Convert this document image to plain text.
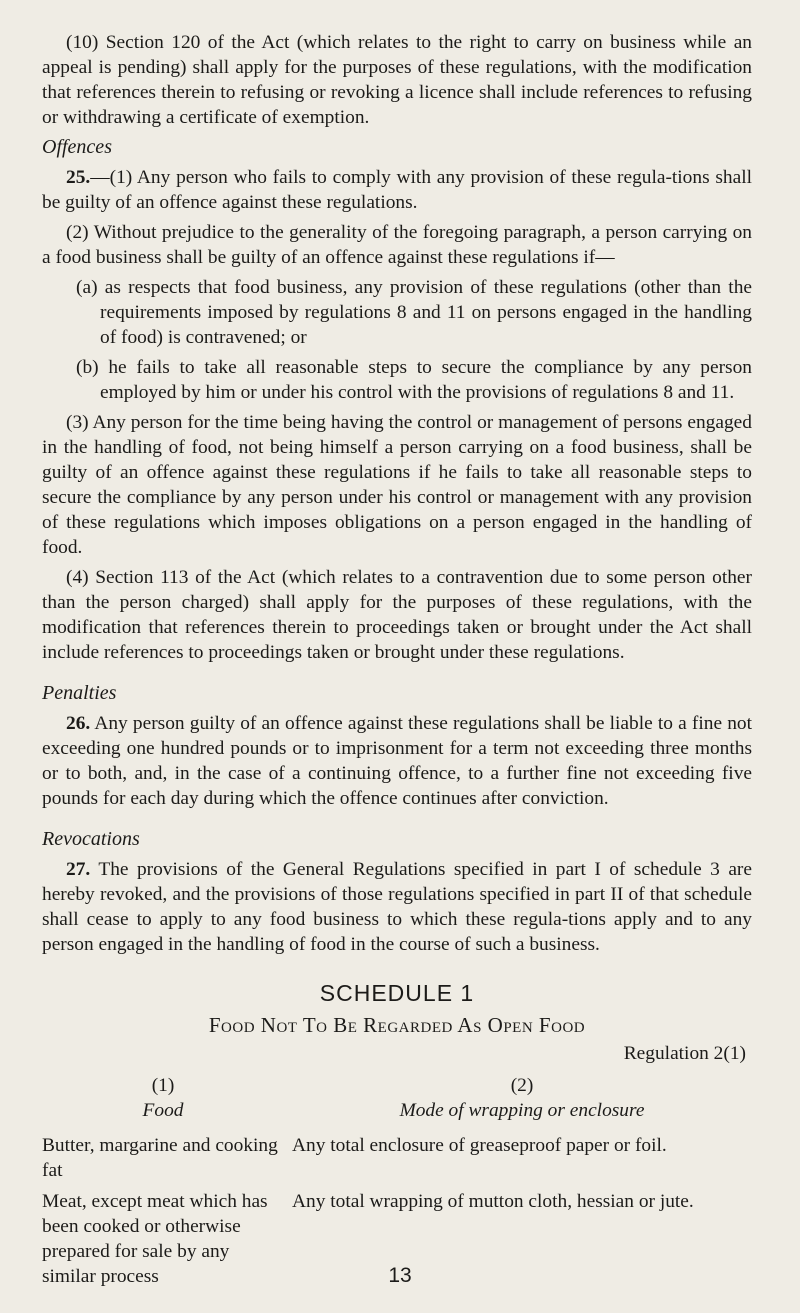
(10) Section 120 of the Act (which relates to the right to carry on business while an appeal is pending) shall apply for the purposes of these regulations, with the modification that references therein to refusing or revoking a licence shall include references to refusing or withdrawing a certificate of exemption.

Offences

25.—(1) Any person who fails to comply with any provision of these regula-tions shall be guilty of an offence against these regulations.

(2) Without prejudice to the generality of the foregoing paragraph, a person carrying on a food business shall be guilty of an offence against these regulations if—

(a) as respects that food business, any provision of these regulations (other than the requirements imposed by regulations 8 and 11 on persons engaged in the handling of food) is contravened; or

(b) he fails to take all reasonable steps to secure the compliance by any person employed by him or under his control with the provisions of regulations 8 and 11.

(3) Any person for the time being having the control or management of persons engaged in the handling of food, not being himself a person carrying on a food business, shall be guilty of an offence against these regulations if he fails to take all reasonable steps to secure the compliance by any person under his control or management with any provision of these regulations which imposes obligations on a person engaged in the handling of food.

(4) Section 113 of the Act (which relates to a contravention due to some person other than the person charged) shall apply for the purposes of these regulations, with the modification that references therein to proceedings taken or brought under the Act shall include references to proceedings taken or brought under these regulations.

Penalties

26. Any person guilty of an offence against these regulations shall be liable to a fine not exceeding one hundred pounds or to imprisonment for a term not exceeding three months or to both, and, in the case of a continuing offence, to a further fine not exceeding five pounds for each day during which the offence continues after conviction.

Revocations

27. The provisions of the General Regulations specified in part I of schedule 3 are hereby revoked, and the provisions of those regulations specified in part II of that schedule shall cease to apply to any food business to which these regula-tions apply and to any person engaged in the handling of food in the course of such a business.

SCHEDULE 1
Food Not To Be Regarded As Open Food
Regulation 2(1)
(1)
Food
(2)
Mode of wrapping or enclosure
Butter, margarine and cooking fat
Any total enclosure of greaseproof paper or foil.
Meat, except meat which has been cooked or otherwise prepared for sale by any similar process
Any total wrapping of mutton cloth, hessian or jute.
13
